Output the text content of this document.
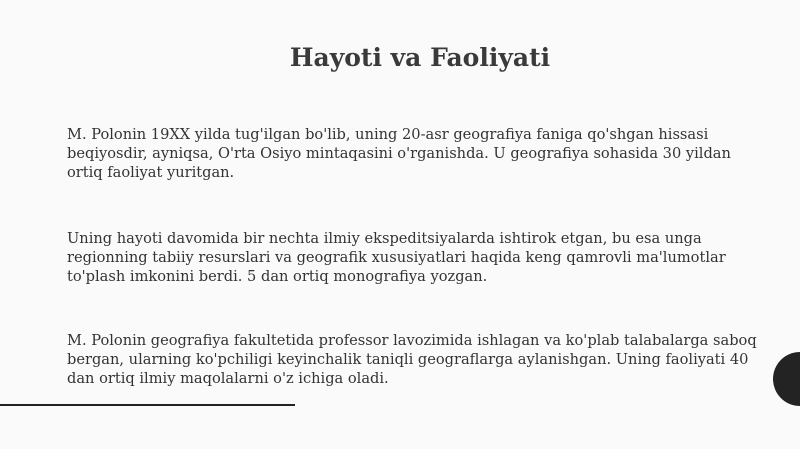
Hayoti va Faoliyati

M. Polonin 19XX yilda tug'ilgan bo'lib, uning 20-asr geografiya faniga qo'shgan hissasi beqiyosdir, ayniqsa, O'rta Osiyo mintaqasini o'rganishda. U geografiya sohasida 30 yildan ortiq faoliyat yuritgan.

Uning hayoti davomida bir nechta ilmiy ekspeditsiyalarda ishtirok etgan, bu esa unga regionning tabiiy resurslari va geografik xususiyatlari haqida keng qamrovli ma'lumotlar to'plash imkonini berdi. 5 dan ortiq monografiya yozgan.

M. Polonin geografiya fakultetida professor lavozimida ishlagan va ko'plab talabalarga saboq bergan, ularning ko'pchiligi keyinchalik taniqli geograflarga aylanishgan. Uning faoliyati 40 dan ortiq ilmiy maqolalarni o'z ichiga oladi.
